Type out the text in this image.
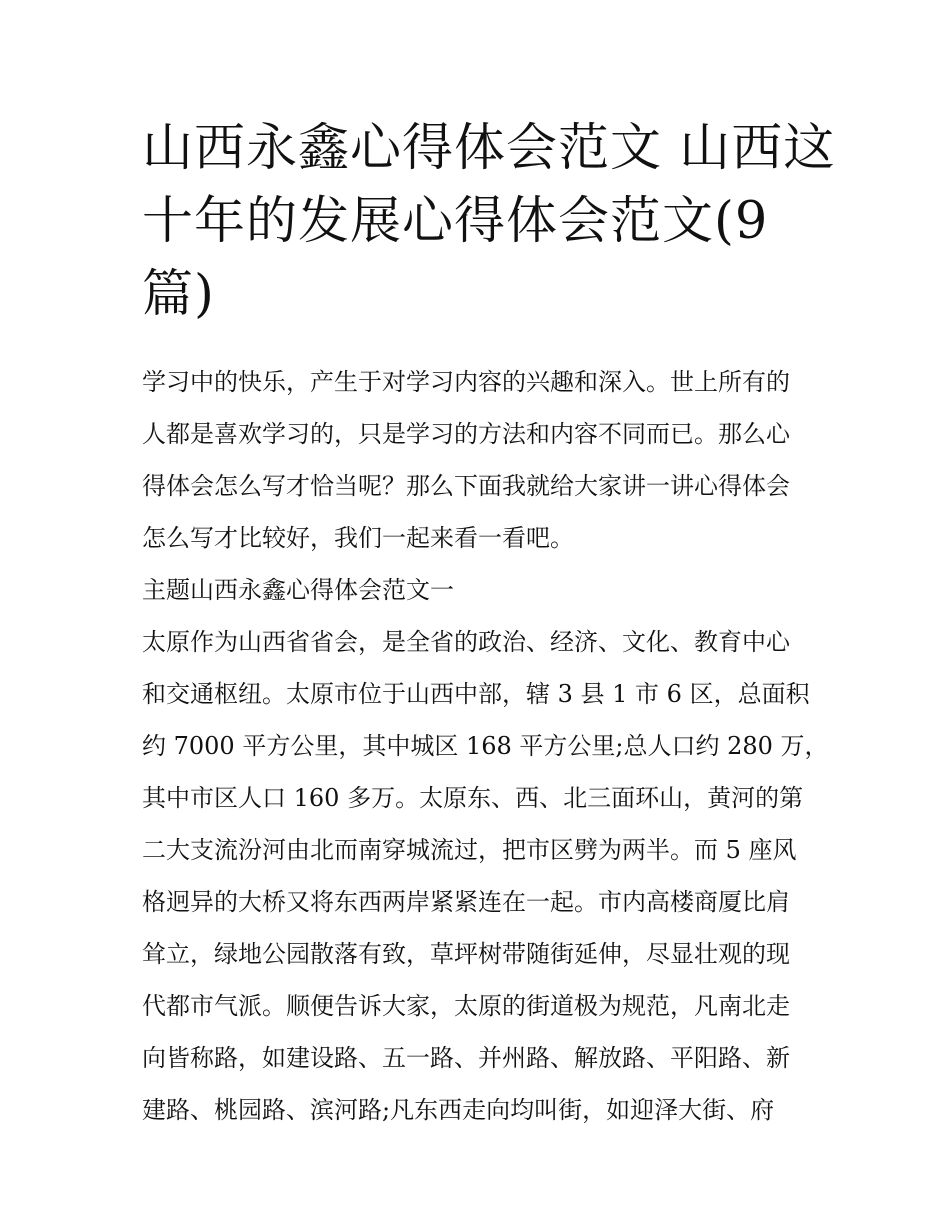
山西永鑫心得体会范文 山西这
十年的发展心得体会范文(9
篇)
学习中的快乐，产生于对学习内容的兴趣和深入。世上所有的
人都是喜欢学习的，只是学习的方法和内容不同而已。那么心
得体会怎么写才恰当呢？那么下面我就给大家讲一讲心得体会
怎么写才比较好，我们一起来看一看吧。
主题山西永鑫心得体会范文一
太原作为山西省省会，是全省的政治、经济、文化、教育中心
和交通枢纽。太原市位于山西中部，辖 3 县 1 市 6 区，总面积
约 7000 平方公里，其中城区 168 平方公里;总人口约 280 万，
其中市区人口 160 多万。太原东、西、北三面环山，黄河的第
二大支流汾河由北而南穿城流过，把市区劈为两半。而 5 座风
格迥异的大桥又将东西两岸紧紧连在一起。市内高楼商厦比肩
耸立，绿地公园散落有致，草坪树带随街延伸，尽显壮观的现
代都市气派。顺便告诉大家，太原的街道极为规范，凡南北走
向皆称路，如建设路、五一路、并州路、解放路、平阳路、新
建路、桃园路、滨河路;凡东西走向均叫街，如迎泽大街、府
